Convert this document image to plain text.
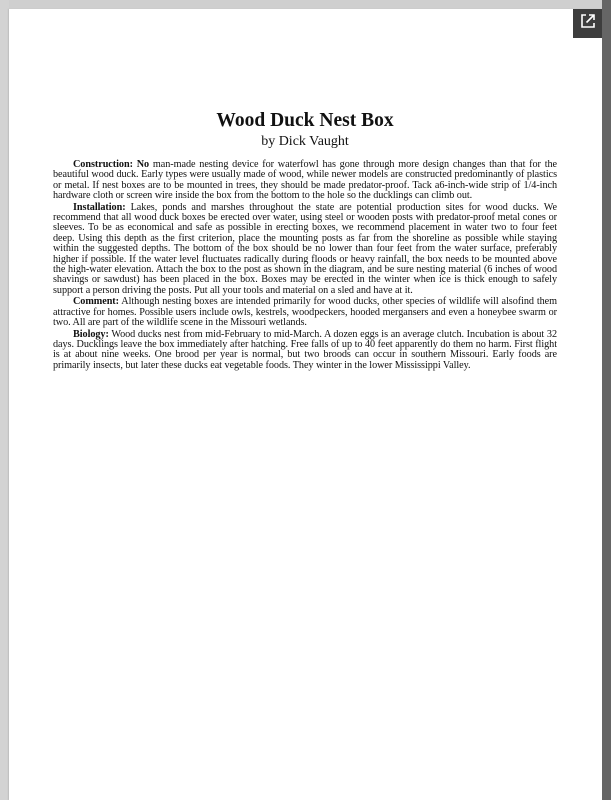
Wood Duck Nest Box
by Dick Vaught

Construction: No man-made nesting device for waterfowl has gone through more design changes than that for the beautiful wood duck. Early types were usually made of wood, while newer models are constructed predominantly of plastics or metal. If nest boxes are to be mounted in trees, they should be made predator-proof. Tack a6-inch-wide strip of 1/4-inch hardware cloth or screen wire inside the box from the bottom to the hole so the ducklings can climb out.

Installation: Lakes, ponds and marshes throughout the state are potential production sites for wood ducks. We recommend that all wood duck boxes be erected over water, using steel or wooden posts with predator-proof metal cones or sleeves. To be as economical and safe as possible in erecting boxes, we recommend placement in water two to four feet deep. Using this depth as the first criterion, place the mounting posts as far from the shoreline as possible while staying within the suggested depths. The bottom of the box should be no lower than four feet from the water surface, preferably higher if possible. If the water level fluctuates radically during floods or heavy rainfall, the box needs to be mounted above the high-water elevation. Attach the box to the post as shown in the diagram, and be sure nesting material (6 inches of wood shavings or sawdust) has been placed in the box. Boxes may be erected in the winter when ice is thick enough to safely support a person driving the posts. Put all your tools and material on a sled and have at it.

Comment: Although nesting boxes are intended primarily for wood ducks, other species of wildlife will alsofind them attractive for homes. Possible users include owls, kestrels, woodpeckers, hooded mergansers and even a honeybee swarm or two. All are part of the wildlife scene in the Missouri wetlands.

Biology: Wood ducks nest from mid-February to mid-March. A dozen eggs is an average clutch. Incubation is about 32 days. Ducklings leave the box immediately after hatching. Free falls of up to 40 feet apparently do them no harm. First flight is at about nine weeks. One brood per year is normal, but two broods can occur in southern Missouri. Early foods are primarily insects, but later these ducks eat vegetable foods. They winter in the lower Mississippi Valley.
